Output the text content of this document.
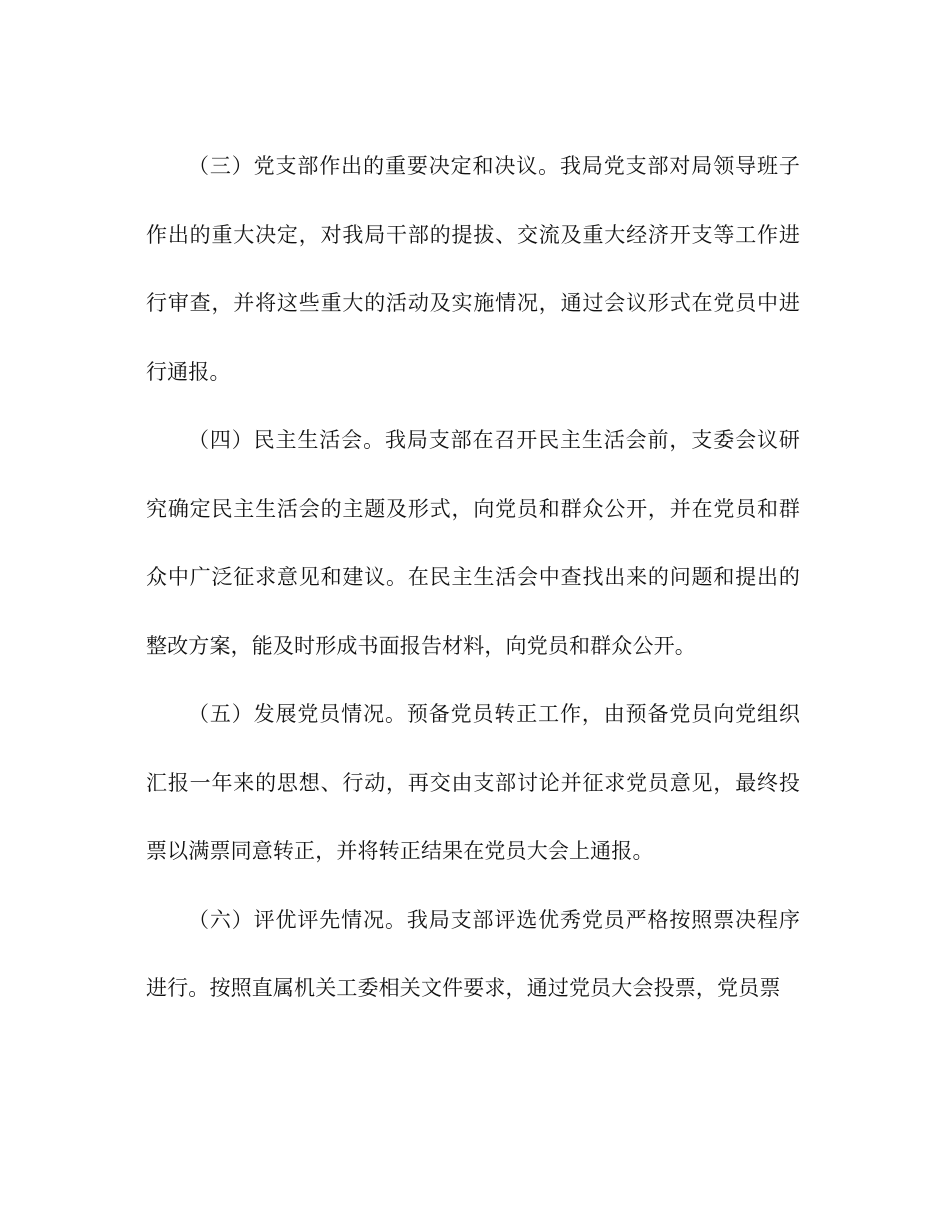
（三）党支部作出的重要决定和决议。我局党支部对局领导班子作出的重大决定，对我局干部的提拔、交流及重大经济开支等工作进行审查，并将这些重大的活动及实施情况，通过会议形式在党员中进行通报。

（四）民主生活会。我局支部在召开民主生活会前，支委会议研究确定民主生活会的主题及形式，向党员和群众公开，并在党员和群众中广泛征求意见和建议。在民主生活会中查找出来的问题和提出的整改方案，能及时形成书面报告材料，向党员和群众公开。

（五）发展党员情况。预备党员转正工作，由预备党员向党组织汇报一年来的思想、行动，再交由支部讨论并征求党员意见，最终投票以满票同意转正，并将转正结果在党员大会上通报。

（六）评优评先情况。我局支部评选优秀党员严格按照票决程序进行。按照直属机关工委相关文件要求，通过党员大会投票，党员票
